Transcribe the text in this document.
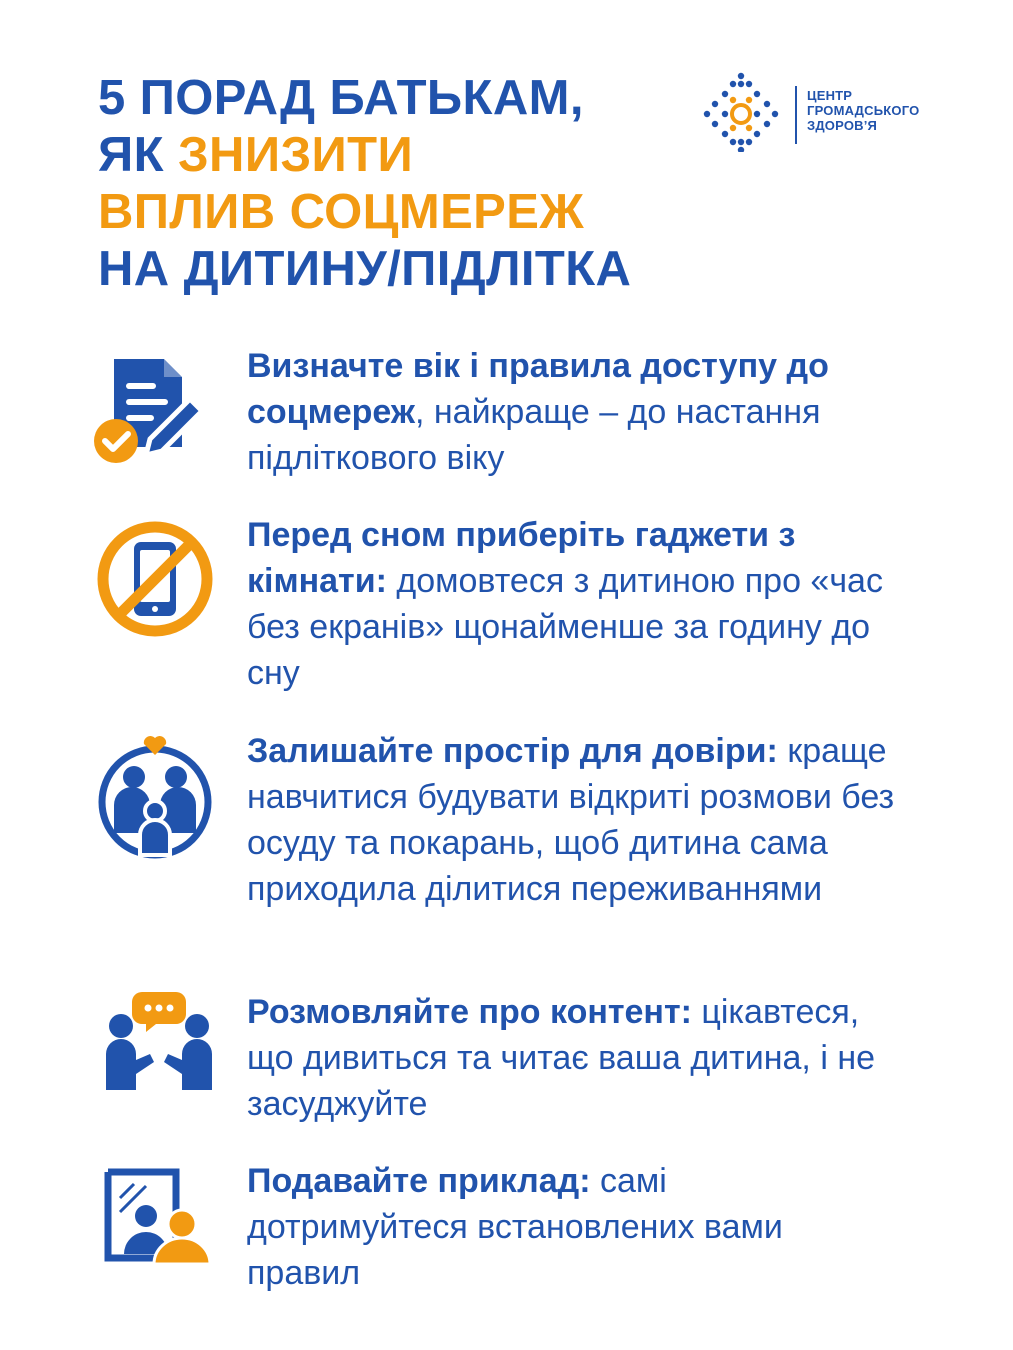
5 ПОРАД БАТЬКАМ,
ЯК ЗНИЗИТИ
ВПЛИВ СОЦМЕРЕЖ
НА ДИТИНУ/ПІДЛІТКА
ЦЕНТР
ГРОМАДСЬКОГО
ЗДОРОВ’Я

Визначте вік і правила доступу до соцмереж, найкраще – до настання підліткового віку

Перед сном приберіть гаджети з кімнати: домовтеся з дитиною про «час без екранів» щонайменше за годину до сну

Залишайте простір для довіри: краще навчитися будувати відкриті розмови без осуду та покарань, щоб дитина сама приходила ділитися переживаннями

Розмовляйте про контент: цікавтеся, що дивиться та читає ваша дитина, і не засуджуйте

Подавайте приклад: самі дотримуйтеся встановлених вами правил
